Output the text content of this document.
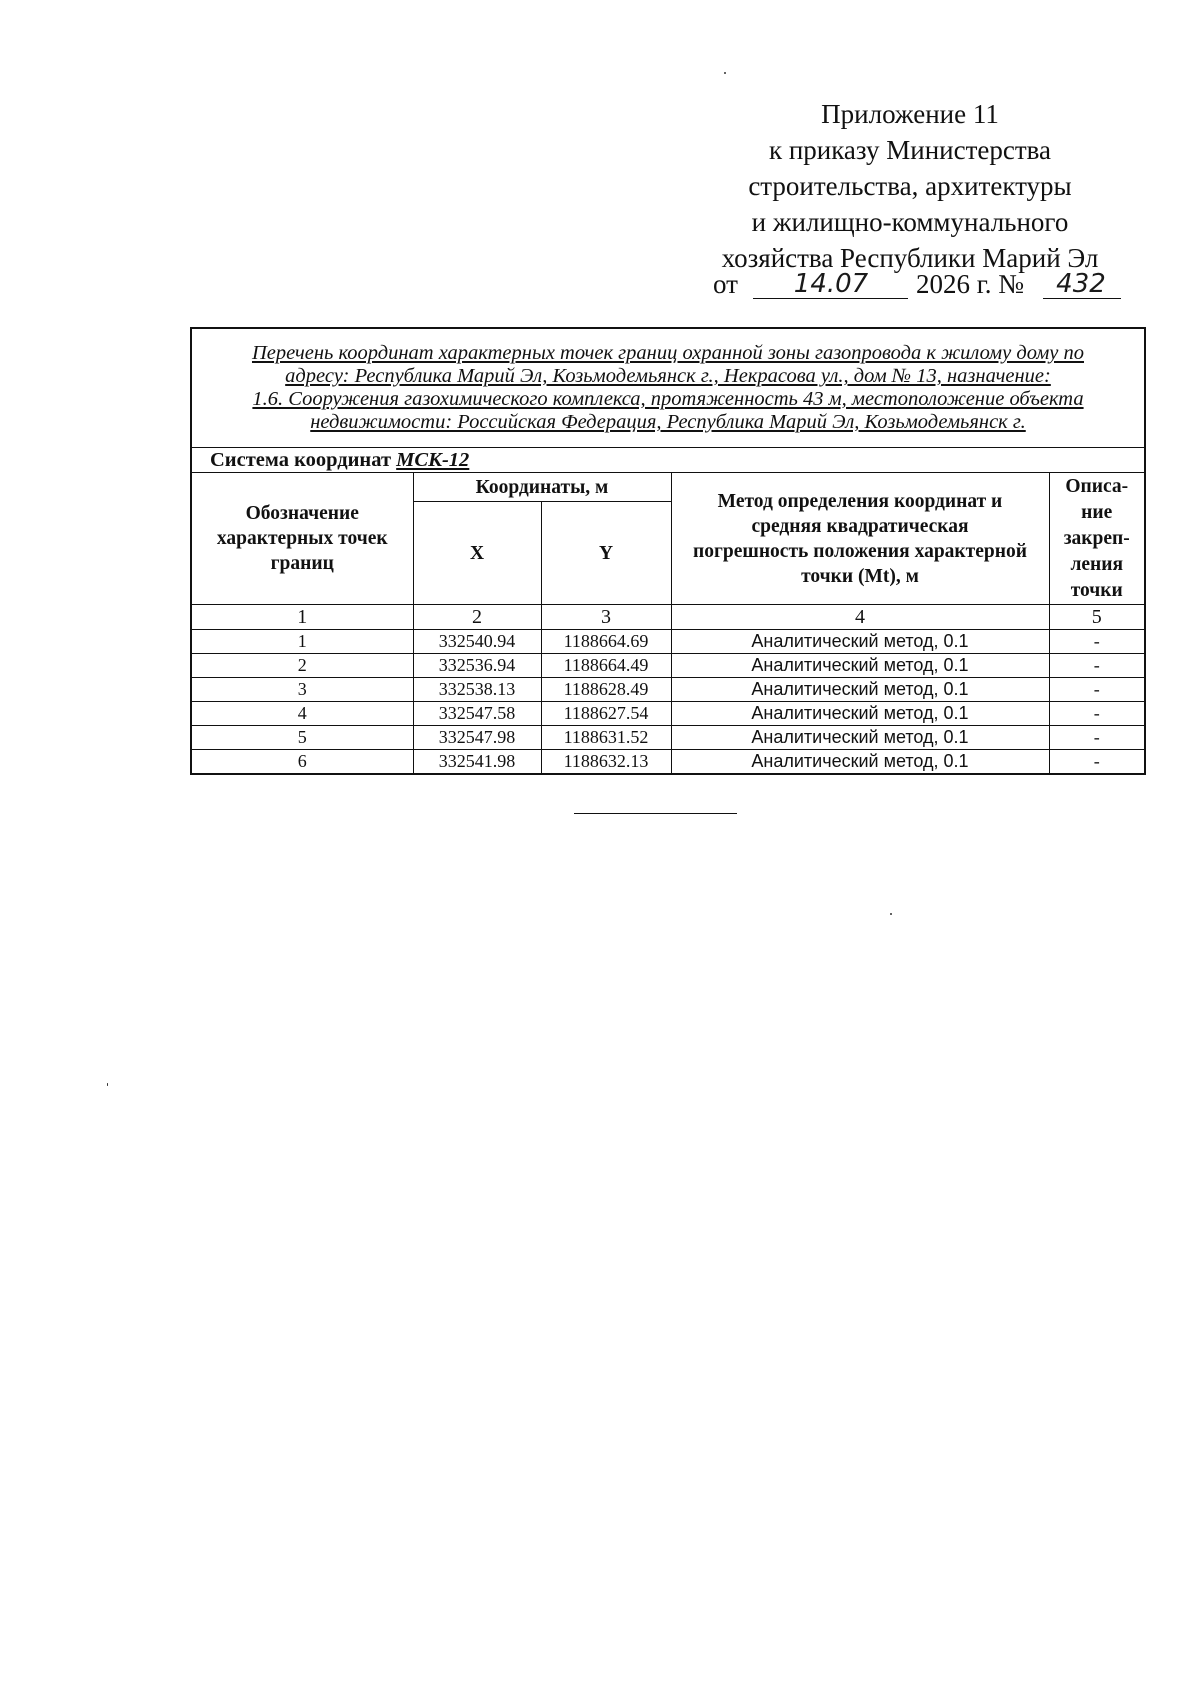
Приложение 11
к приказу Министерства
строительства, архитектуры
и жилищно-коммунального
хозяйства Республики Марий Эл
от	14.07	2026 г. №	432
Перечень координат характерных точек границ охранной зоны газопровода к жилому дому по
адресу: Республика Марий Эл, Козьмодемьянск г., Некрасова ул., дом № 13, назначение:
1.6. Сооружения газохимического комплекса, протяженность 43 м, местоположение объекта
недвижимости: Российская Федерация, Республика Марий Эл, Козьмодемьянск г.				

Система координат МСК-12				
Обозначение характерных точек границ	Координаты, м		Метод определения координат и средняя квадратическая погрешность положения характерной точки (Mt), м	Описа-ние закреп-ления точки
	X	Y		
1	2	3	4	5
1	332540.94	1188664.69	Аналитический метод, 0.1	-
2	332536.94	1188664.49	Аналитический метод, 0.1	-
3	332538.13	1188628.49	Аналитический метод, 0.1	-
4	332547.58	1188627.54	Аналитический метод, 0.1	-
5	332547.98	1188631.52	Аналитический метод, 0.1	-
6	332541.98	1188632.13	Аналитический метод, 0.1	-
